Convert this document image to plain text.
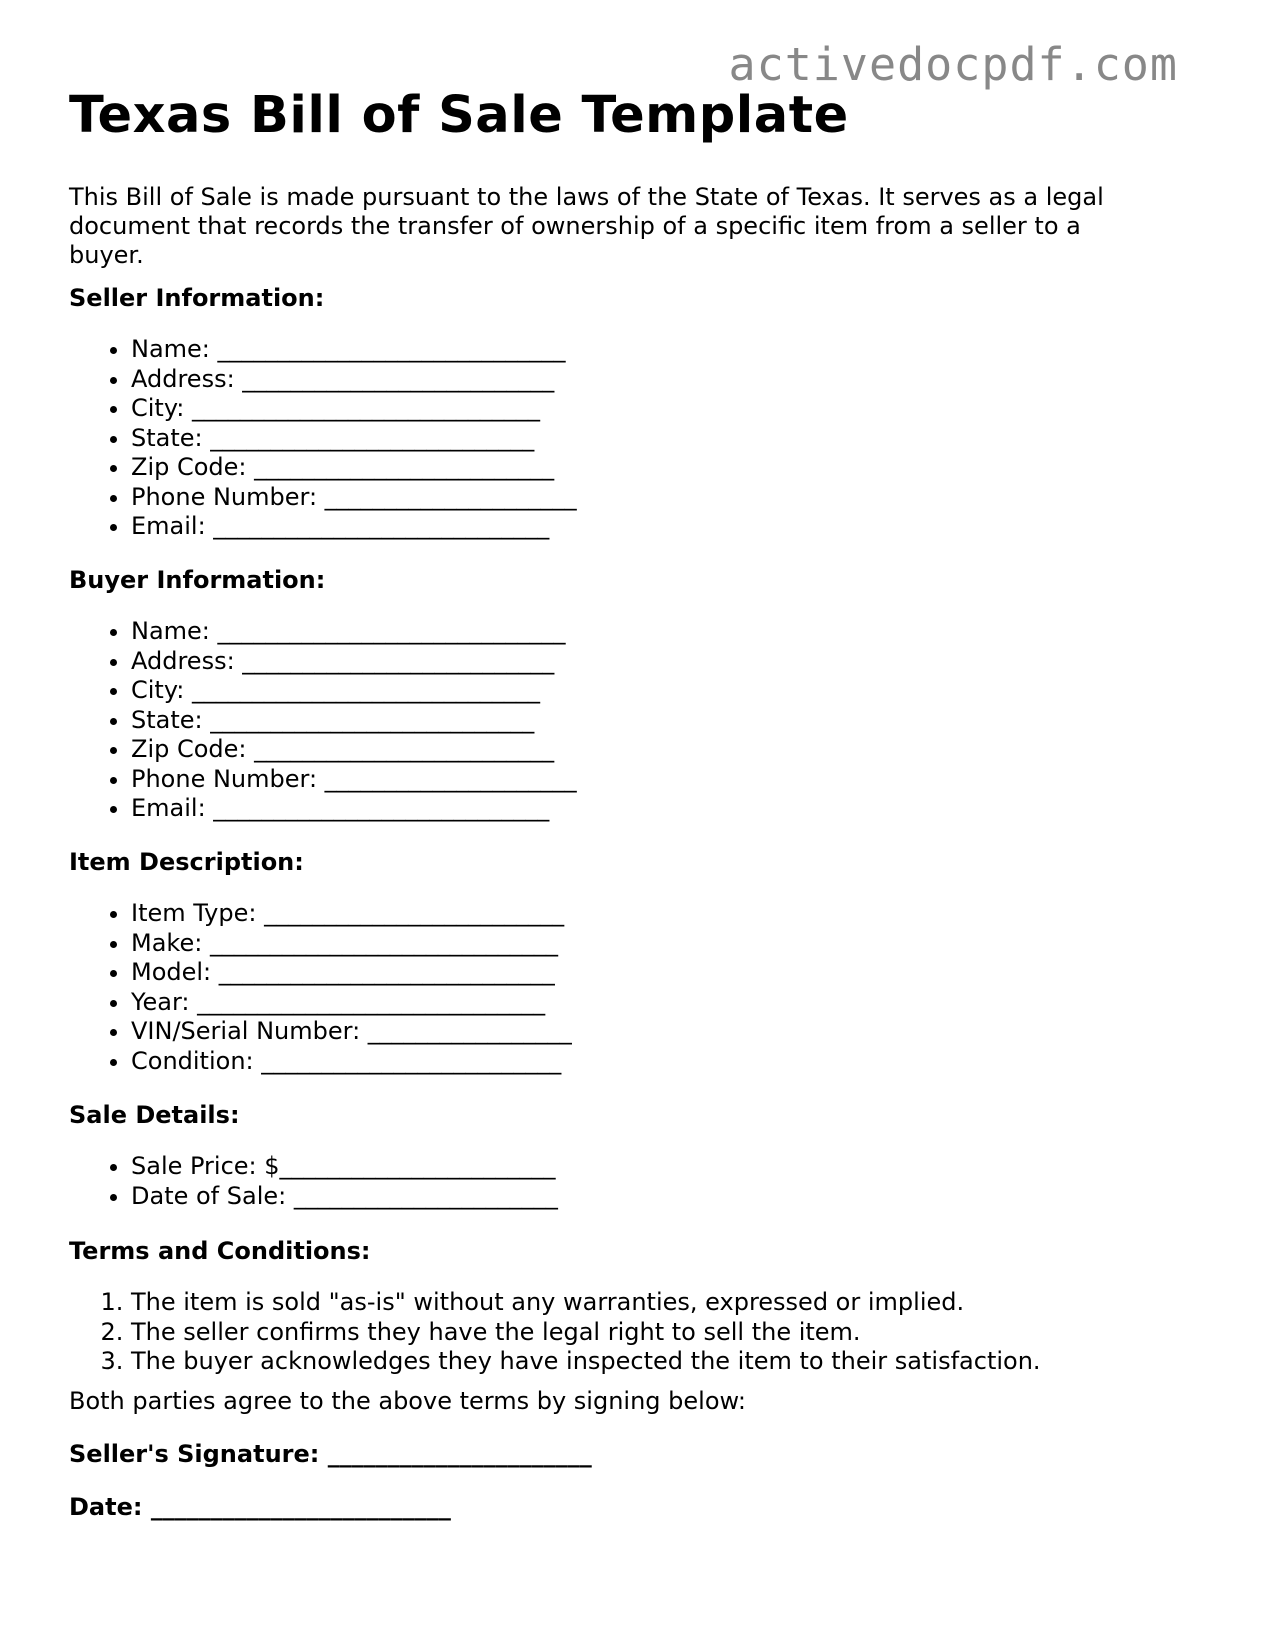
activedocpdf.com
Texas Bill of Sale Template

This Bill of Sale is made pursuant to the laws of the State of Texas. It serves as a legal document that records the transfer of ownership of a specific item from a seller to a buyer.

Seller Information:

• Name: _____________________________
• Address: __________________________
• City: _____________________________
• State: ___________________________
• Zip Code: _________________________
• Phone Number: _____________________
• Email: ____________________________

Buyer Information:

• Name: _____________________________
• Address: __________________________
• City: _____________________________
• State: ___________________________
• Zip Code: _________________________
• Phone Number: _____________________
• Email: ____________________________

Item Description:

• Item Type: _________________________
• Make: _____________________________
• Model: ____________________________
• Year: _____________________________
• VIN/Serial Number: _________________
• Condition: _________________________

Sale Details:

• Sale Price: $_______________________
• Date of Sale: ______________________

Terms and Conditions:

1. The item is sold "as-is" without any warranties, expressed or implied.
2. The seller confirms they have the legal right to sell the item.
3. The buyer acknowledges they have inspected the item to their satisfaction.

Both parties agree to the above terms by signing below:

Seller's Signature: ______________________

Date: _________________________
